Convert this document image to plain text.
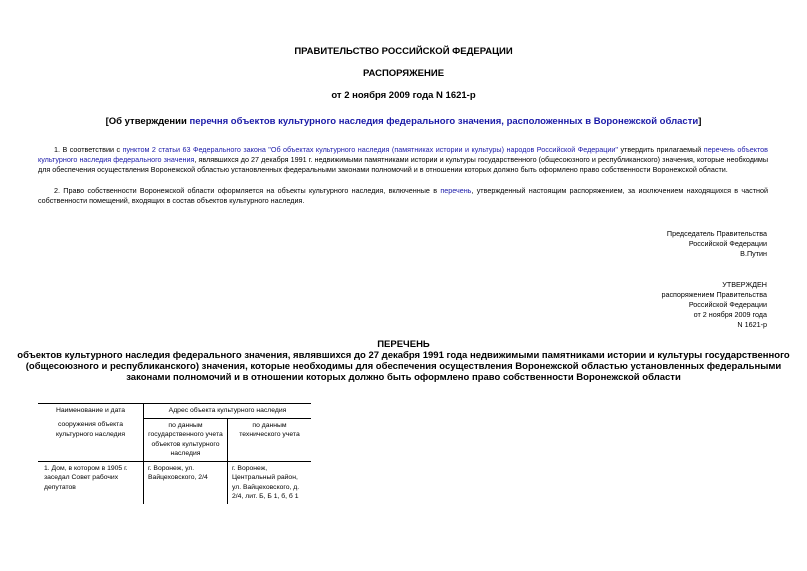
ПРАВИТЕЛЬСТВО РОССИЙСКОЙ ФЕДЕРАЦИИ
РАСПОРЯЖЕНИЕ
от 2 ноября 2009 года N 1621-р
[Об утверждении перечня объектов культурного наследия федерального значения, расположенных в Воронежской области]
1. В соответствии с пунктом 2 статьи 63 Федерального закона "Об объектах культурного наследия (памятниках истории и культуры) народов Российской Федерации" утвердить прилагаемый перечень объектов культурного наследия федерального значения, являвшихся до 27 декабря 1991 г. недвижимыми памятниками истории и культуры государственного (общесоюзного и республиканского) значения, которые необходимы для обеспечения осуществления Воронежской областью установленных федеральными законами полномочий и в отношении которых должно быть оформлено право собственности Воронежской области.
2. Право собственности Воронежской области оформляется на объекты культурного наследия, включенные в перечень, утвержденный настоящим распоряжением, за исключением находящихся в частной собственности помещений, входящих в состав объектов культурного наследия.
Председатель Правительства
Российской Федерации
В.Путин
УТВЕРЖДЕН
распоряжением Правительства
Российской Федерации
от 2 ноября 2009 года
N 1621-р
ПЕРЕЧЕНЬ
объектов культурного наследия федерального значения, являвшихся до 27 декабря 1991 года недвижимыми памятниками истории и культуры государственного
(общесоюзного и республиканского) значения, которые необходимы для обеспечения осуществления Воронежской областью установленных федеральными
законами полномочий и в отношении которых должно быть оформлено право собственности Воронежской области
Наименование и дата	Адрес объекта культурного наследия	
сооружения объекта культурного наследия	по данным государственного учета объектов культурного наследия	по данным технического учета
1. Дом, в котором в 1905 г. заседал Совет рабочих депутатов	г. Воронеж, ул. Вайцеховского, 2/4	г. Воронеж, Центральный район, ул. Вайцеховского, д. 2/4, лит. Б, Б 1, б, б 1
